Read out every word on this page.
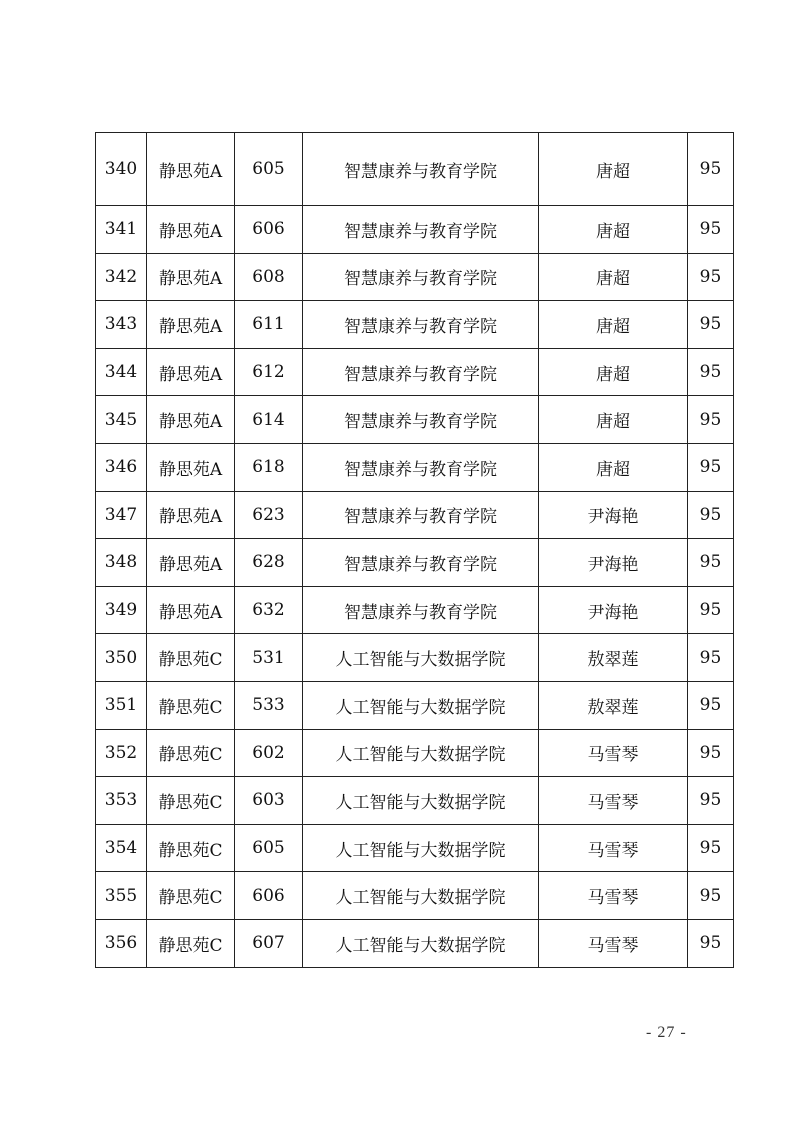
340	静思苑A	605	智慧康养与教育学院	唐超	95
341	静思苑A	606	智慧康养与教育学院	唐超	95
342	静思苑A	608	智慧康养与教育学院	唐超	95
343	静思苑A	611	智慧康养与教育学院	唐超	95
344	静思苑A	612	智慧康养与教育学院	唐超	95
345	静思苑A	614	智慧康养与教育学院	唐超	95
346	静思苑A	618	智慧康养与教育学院	唐超	95
347	静思苑A	623	智慧康养与教育学院	尹海艳	95
348	静思苑A	628	智慧康养与教育学院	尹海艳	95
349	静思苑A	632	智慧康养与教育学院	尹海艳	95
350	静思苑C	531	人工智能与大数据学院	敖翠莲	95
351	静思苑C	533	人工智能与大数据学院	敖翠莲	95
352	静思苑C	602	人工智能与大数据学院	马雪琴	95
353	静思苑C	603	人工智能与大数据学院	马雪琴	95
354	静思苑C	605	人工智能与大数据学院	马雪琴	95
355	静思苑C	606	人工智能与大数据学院	马雪琴	95
356	静思苑C	607	人工智能与大数据学院	马雪琴	95
- 27 -
